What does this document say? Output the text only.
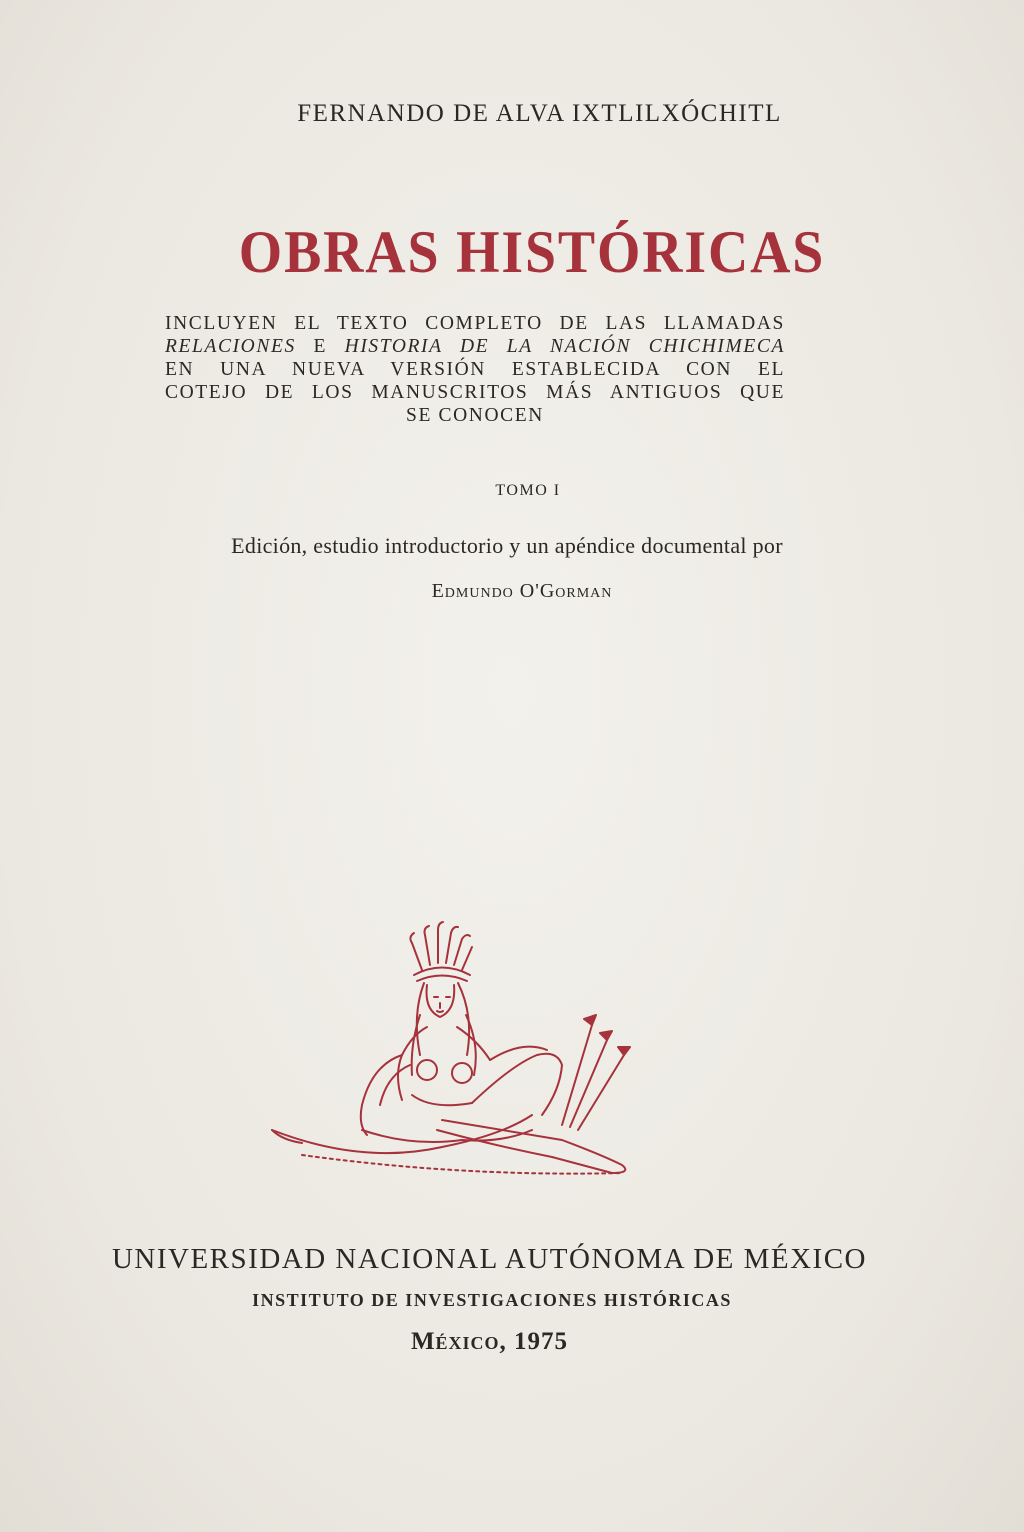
FERNANDO DE ALVA IXTLILXÓCHITL
OBRAS HISTÓRICAS
INCLUYEN EL TEXTO COMPLETO DE LAS LLAMADAS
RELACIONES E HISTORIA DE LA NACIÓN CHICHIMECA
EN UNA NUEVA VERSIÓN ESTABLECIDA CON EL
COTEJO DE LOS MANUSCRITOS MÁS ANTIGUOS QUE
SE CONOCEN
TOMO I
Edición, estudio introductorio y un apéndice documental por
Edmundo O'Gorman
UNIVERSIDAD NACIONAL AUTÓNOMA DE MÉXICO
INSTITUTO DE INVESTIGACIONES HISTÓRICAS
México, 1975
